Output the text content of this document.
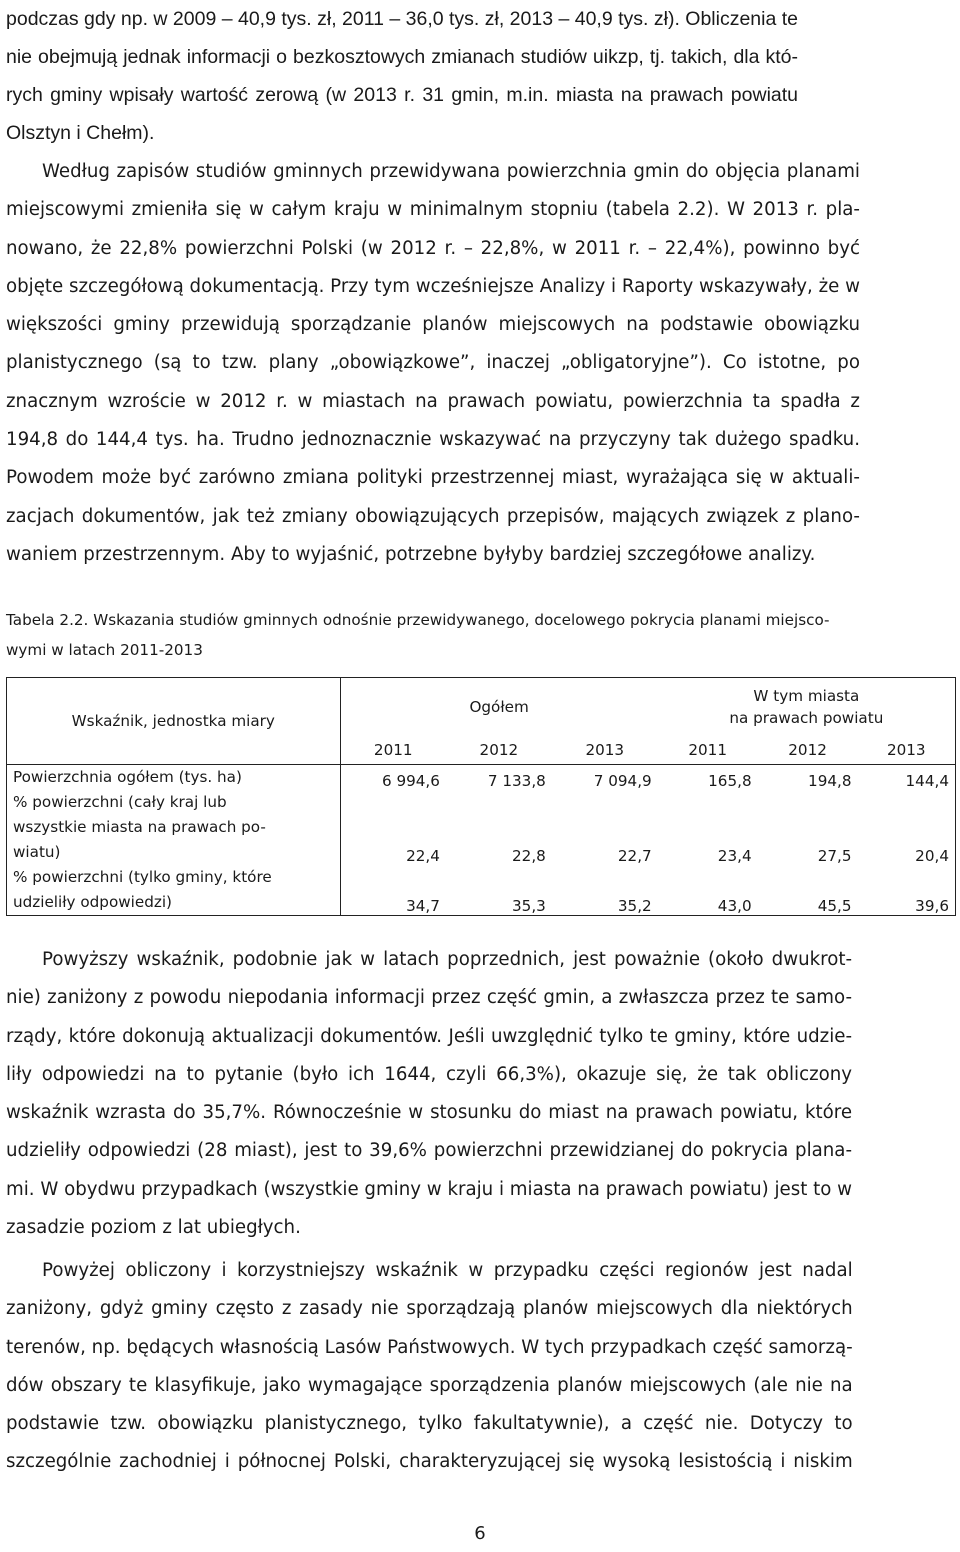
podczas gdy np. w 2009 – 40,9 tys. zł, 2011 – 36,0 tys. zł, 2013 – 40,9 tys. zł). Obliczenia te
nie obejmują jednak informacji o bezkosztowych zmianach studiów uikzp, tj. takich, dla któ-
rych gminy wpisały wartość zerową (w 2013 r. 31 gmin, m.in. miasta na prawach powiatu
Olsztyn i Chełm).

Według zapisów studiów gminnych przewidywana powierzchnia gmin do objęcia planami
miejscowymi zmieniła się w całym kraju w minimalnym stopniu (tabela 2.2). W 2013 r. pla-
nowano, że 22,8% powierzchni Polski (w 2012 r. – 22,8%, w 2011 r. – 22,4%), powinno być
objęte szczegółową dokumentacją. Przy tym wcześniejsze Analizy i Raporty wskazywały, że w
większości gminy przewidują sporządzanie planów miejscowych na podstawie obowiązku
planistycznego (są to tzw. plany „obowiązkowe”, inaczej „obligatoryjne”). Co istotne, po
znacznym wzroście w 2012 r. w miastach na prawach powiatu, powierzchnia ta spadła z
194,8 do 144,4 tys. ha. Trudno jednoznacznie wskazywać na przyczyny tak dużego spadku.
Powodem może być zarówno zmiana polityki przestrzennej miast, wyrażająca się w aktuali-
zacjach dokumentów, jak też zmiany obowiązujących przepisów, mających związek z plano-
waniem przestrzennym. Aby to wyjaśnić, potrzebne byłyby bardziej szczegółowe analizy.

Tabela 2.2. Wskazania studiów gminnych odnośnie przewidywanego, docelowego pokrycia planami miejsco-
wymi w latach 2011-2013

Wskaźnik, jednostka miary	Ogółem			W tym miasta
na prawach powiatu		
	2011	2012	2013	2011	2012	2013
Powierzchnia ogółem (tys. ha)	6 994,6	7 133,8	7 094,9	165,8	194,8	144,4
% powierzchni (cały kraj lub
wszystkie miasta na prawach po-
wiatu)	22,4	22,8	22,7	23,4	27,5	20,4
% powierzchni (tylko gminy, które
udzieliły odpowiedzi)	34,7	35,3	35,2	43,0	45,5	39,6

Powyższy wskaźnik, podobnie jak w latach poprzednich, jest poważnie (około dwukrot-
nie) zaniżony z powodu niepodania informacji przez część gmin, a zwłaszcza przez te samo-
rządy, które dokonują aktualizacji dokumentów. Jeśli uwzględnić tylko te gminy, które udzie-
liły odpowiedzi na to pytanie (było ich 1644, czyli 66,3%), okazuje się, że tak obliczony
wskaźnik wzrasta do 35,7%. Równocześnie w stosunku do miast na prawach powiatu, które
udzieliły odpowiedzi (28 miast), jest to 39,6% powierzchni przewidzianej do pokrycia plana-
mi. W obydwu przypadkach (wszystkie gminy w kraju i miasta na prawach powiatu) jest to w
zasadzie poziom z lat ubiegłych.

Powyżej obliczony i korzystniejszy wskaźnik w przypadku części regionów jest nadal
zaniżony, gdyż gminy często z zasady nie sporządzają planów miejscowych dla niektórych
terenów, np. będących własnością Lasów Państwowych. W tych przypadkach część samorzą-
dów obszary te klasyfikuje, jako wymagające sporządzenia planów miejscowych (ale nie na
podstawie tzw. obowiązku planistycznego, tylko fakultatywnie), a część nie. Dotyczy to
szczególnie zachodniej i północnej Polski, charakteryzującej się wysoką lesistością i niskim

6
